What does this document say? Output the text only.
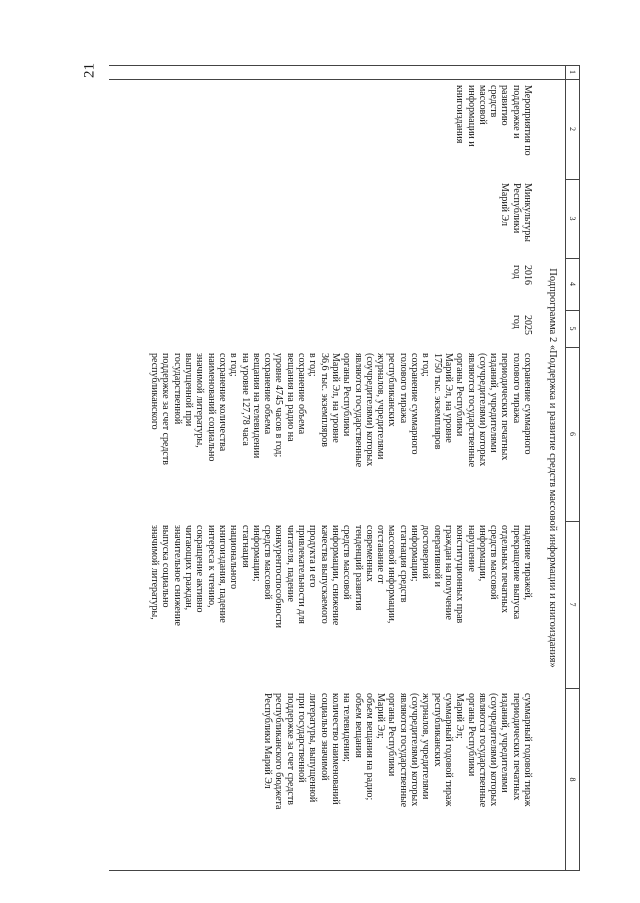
21	1
2
3
4
5
6
7
8
Подпрограмма 2 «Поддержка и развитие средств массовой информации и книгоиздания»
Мероприятия по
поддержке и
развитию
средств
массовой
информации и
книгоиздания
Минкультуры
Республики
Марий Эл
2016
год
2025
год
сохранение суммарного
голового тиража
периодических печатных
изданий, учредителями
(соучредителями) которых
являются государственные
органы Республики
Марий Эл, на уровне
1750 тыс. экземпляров
в год;
сохранение суммарного
голового тиража
республиканских
журналов, учредителями
(соучредителями) которых
являются государственные
органы Республики
Марий Эл, на уровне
36,6 тыс. экземпляров
в год;
сохранение объема
вещания на радио на
уровне 4745 часов в год;
сохранение объема
вещания на телевидении
на уровне 127,78 часа
в год;
сохранение количества
наименований социально
значимой литературы,
выпущенной при
государственной
поддержке за счет средств
республиканского
падение тиражей,
прекращение выпуска
отдельных печатных
средств массовой
информации,
нарушение
конституционных прав
граждан на получение
оперативной и
достоверной
информации;
стагнация средств
массовой информации,
отставание от
современных
тенденций развития
средств массовой
информации, снижение
качества выпускаемого
продукта и его
привлекательности для
читателя, падение
конкурентоспособности
средств массовой
информации;
стагнация
национального
книгоиздания, падение
интереса к чтению,
сокращение активно
читающих граждан,
значительное снижение
выпуска социально
значимой литературы,
суммарный годовой тираж
периодических печатных
изданий, учредителями
(соучредителями) которых
являются государственные
органы Республики
Марий Эл;
суммарный годовой тираж
республиканских
журналов, учредителями
(соучредителями) которых
являются государственные
органы Республики
Марий Эл;
объем вещания на радио;
объем вещания
на телевидении;
количество наименований
социально значимой
литературы, выпущенной
при государственной
поддержке за счет средств
республиканского бюджета
Республики Марий Эл
